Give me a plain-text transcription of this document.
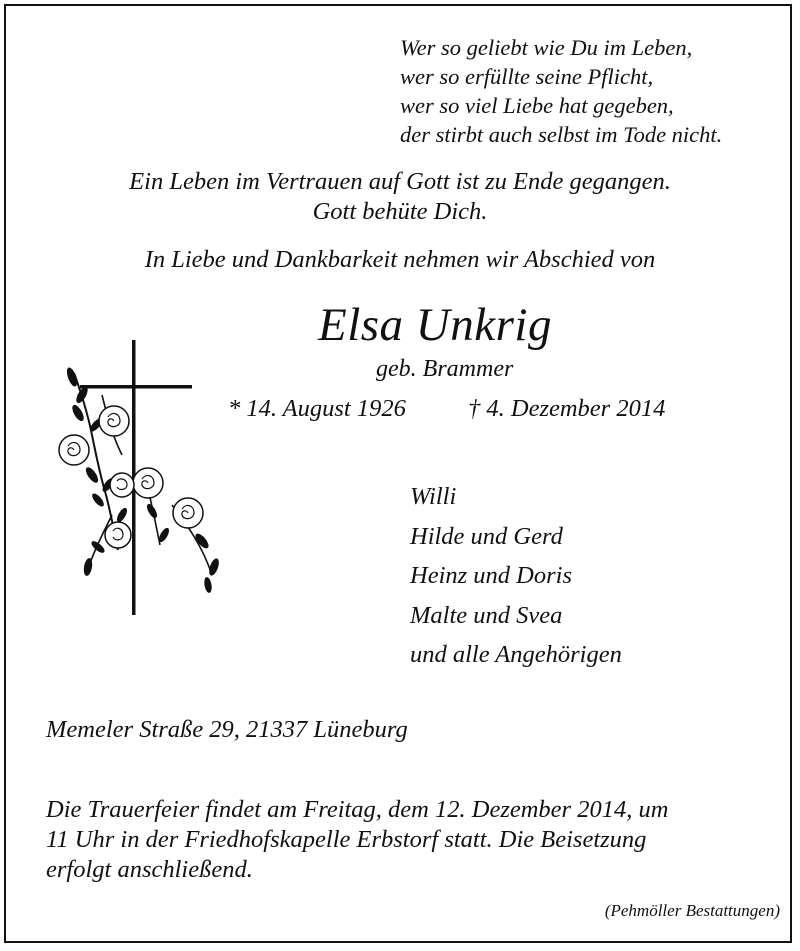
Wer so geliebt wie Du im Leben,
wer so erfüllte seine Pflicht,
wer so viel Liebe hat gegeben,
der stirbt auch selbst im Tode nicht.
Ein Leben im Vertrauen auf Gott ist zu Ende gegangen.
Gott behüte Dich.
In Liebe und Dankbarkeit nehmen wir Abschied von
Elsa Unkrig
geb. Brammer
* 14. August 1926	† 4. Dezember 2014
Willi
Hilde und Gerd
Heinz und Doris
Malte und Svea
und alle Angehörigen
Memeler Straße 29, 21337 Lüneburg
Die Trauerfeier findet am Freitag, dem 12. Dezember 2014, um
11 Uhr in der Friedhofskapelle Erbstorf statt. Die Beisetzung
erfolgt anschließend.
(Pehmöller Bestattungen)
